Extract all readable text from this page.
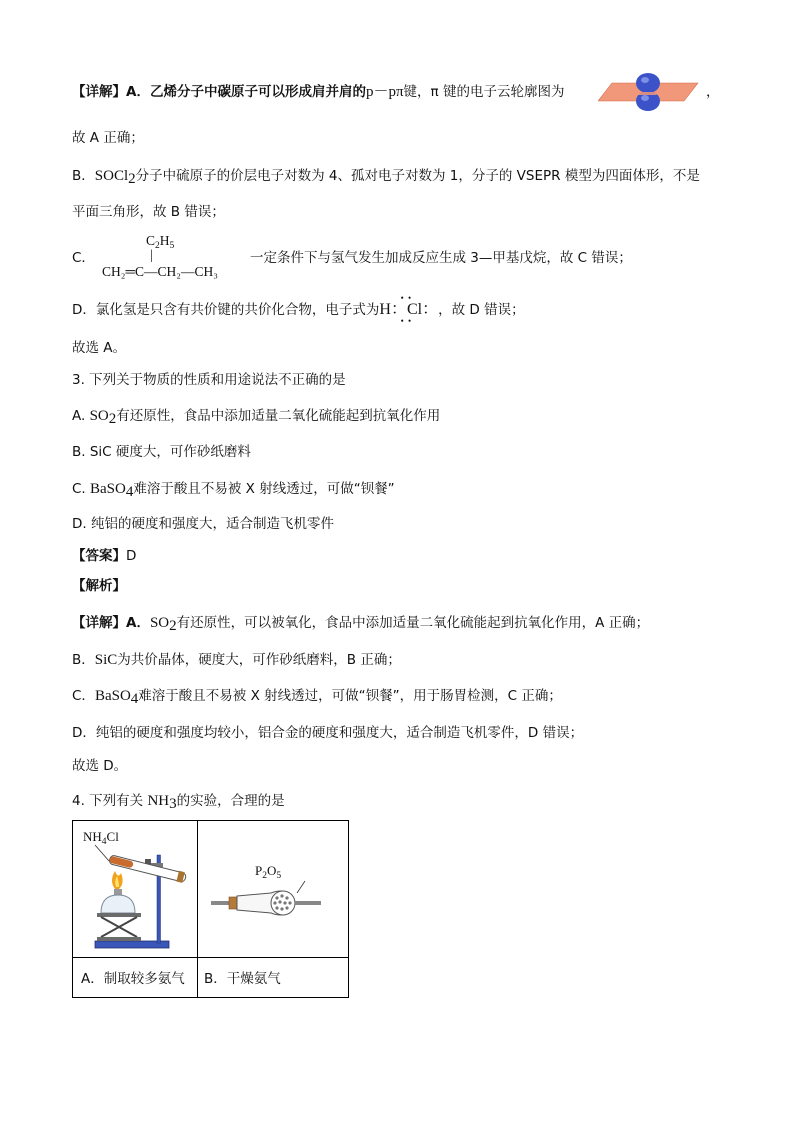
【详解】A．乙烯分子中碳原子可以形成肩并肩的p－pπ键，π 键的电子云轮廓图为	，
故 A 正确；
B．SOCl$_2$分子中硫原子的价层电子对数为 4、孤对电子对数为 1，分子的 VSEPR 模型为四面体形，不是
平面三角形，故 B 错误；
C．
$C_2H_5$
|
CH₂═C—CH₂—CH₃
一定条件下与氢气发生加成反应生成 3—甲基戊烷，故 C 错误；
D．氯化氢是只含有共价键的共价化合物，电子式为
• •
H：Cl：
• •
，故 D 错误；
故选 A。
3. 下列关于物质的性质和用途说法不正确的是
A. $SO_2$有还原性，食品中添加适量二氧化硫能起到抗氧化作用
B. SiC 硬度大，可作砂纸磨料
C. BaSO$_4$难溶于酸且不易被 X 射线透过，可做“钡餐”
D. 纯铝的硬度和强度大，适合制造飞机零件
【答案】D
【解析】
【详解】A．$SO_2$有还原性，可以被氧化，食品中添加适量二氧化硫能起到抗氧化作用，A 正确；
B．SiC为共价晶体，硬度大，可作砂纸磨料，B 正确；
C．BaSO$_4$难溶于酸且不易被 X 射线透过，可做“钡餐”，用于肠胃检测，C 正确；
D．纯铝的硬度和强度均较小，铝合金的硬度和强度大，适合制造飞机零件，D 错误；
故选 D。
4. 下列有关 $NH_3$的实验，合理的是
$NH_4Cl$
$P_2O_5$
A．制取较多氨气 B．干燥氨气
